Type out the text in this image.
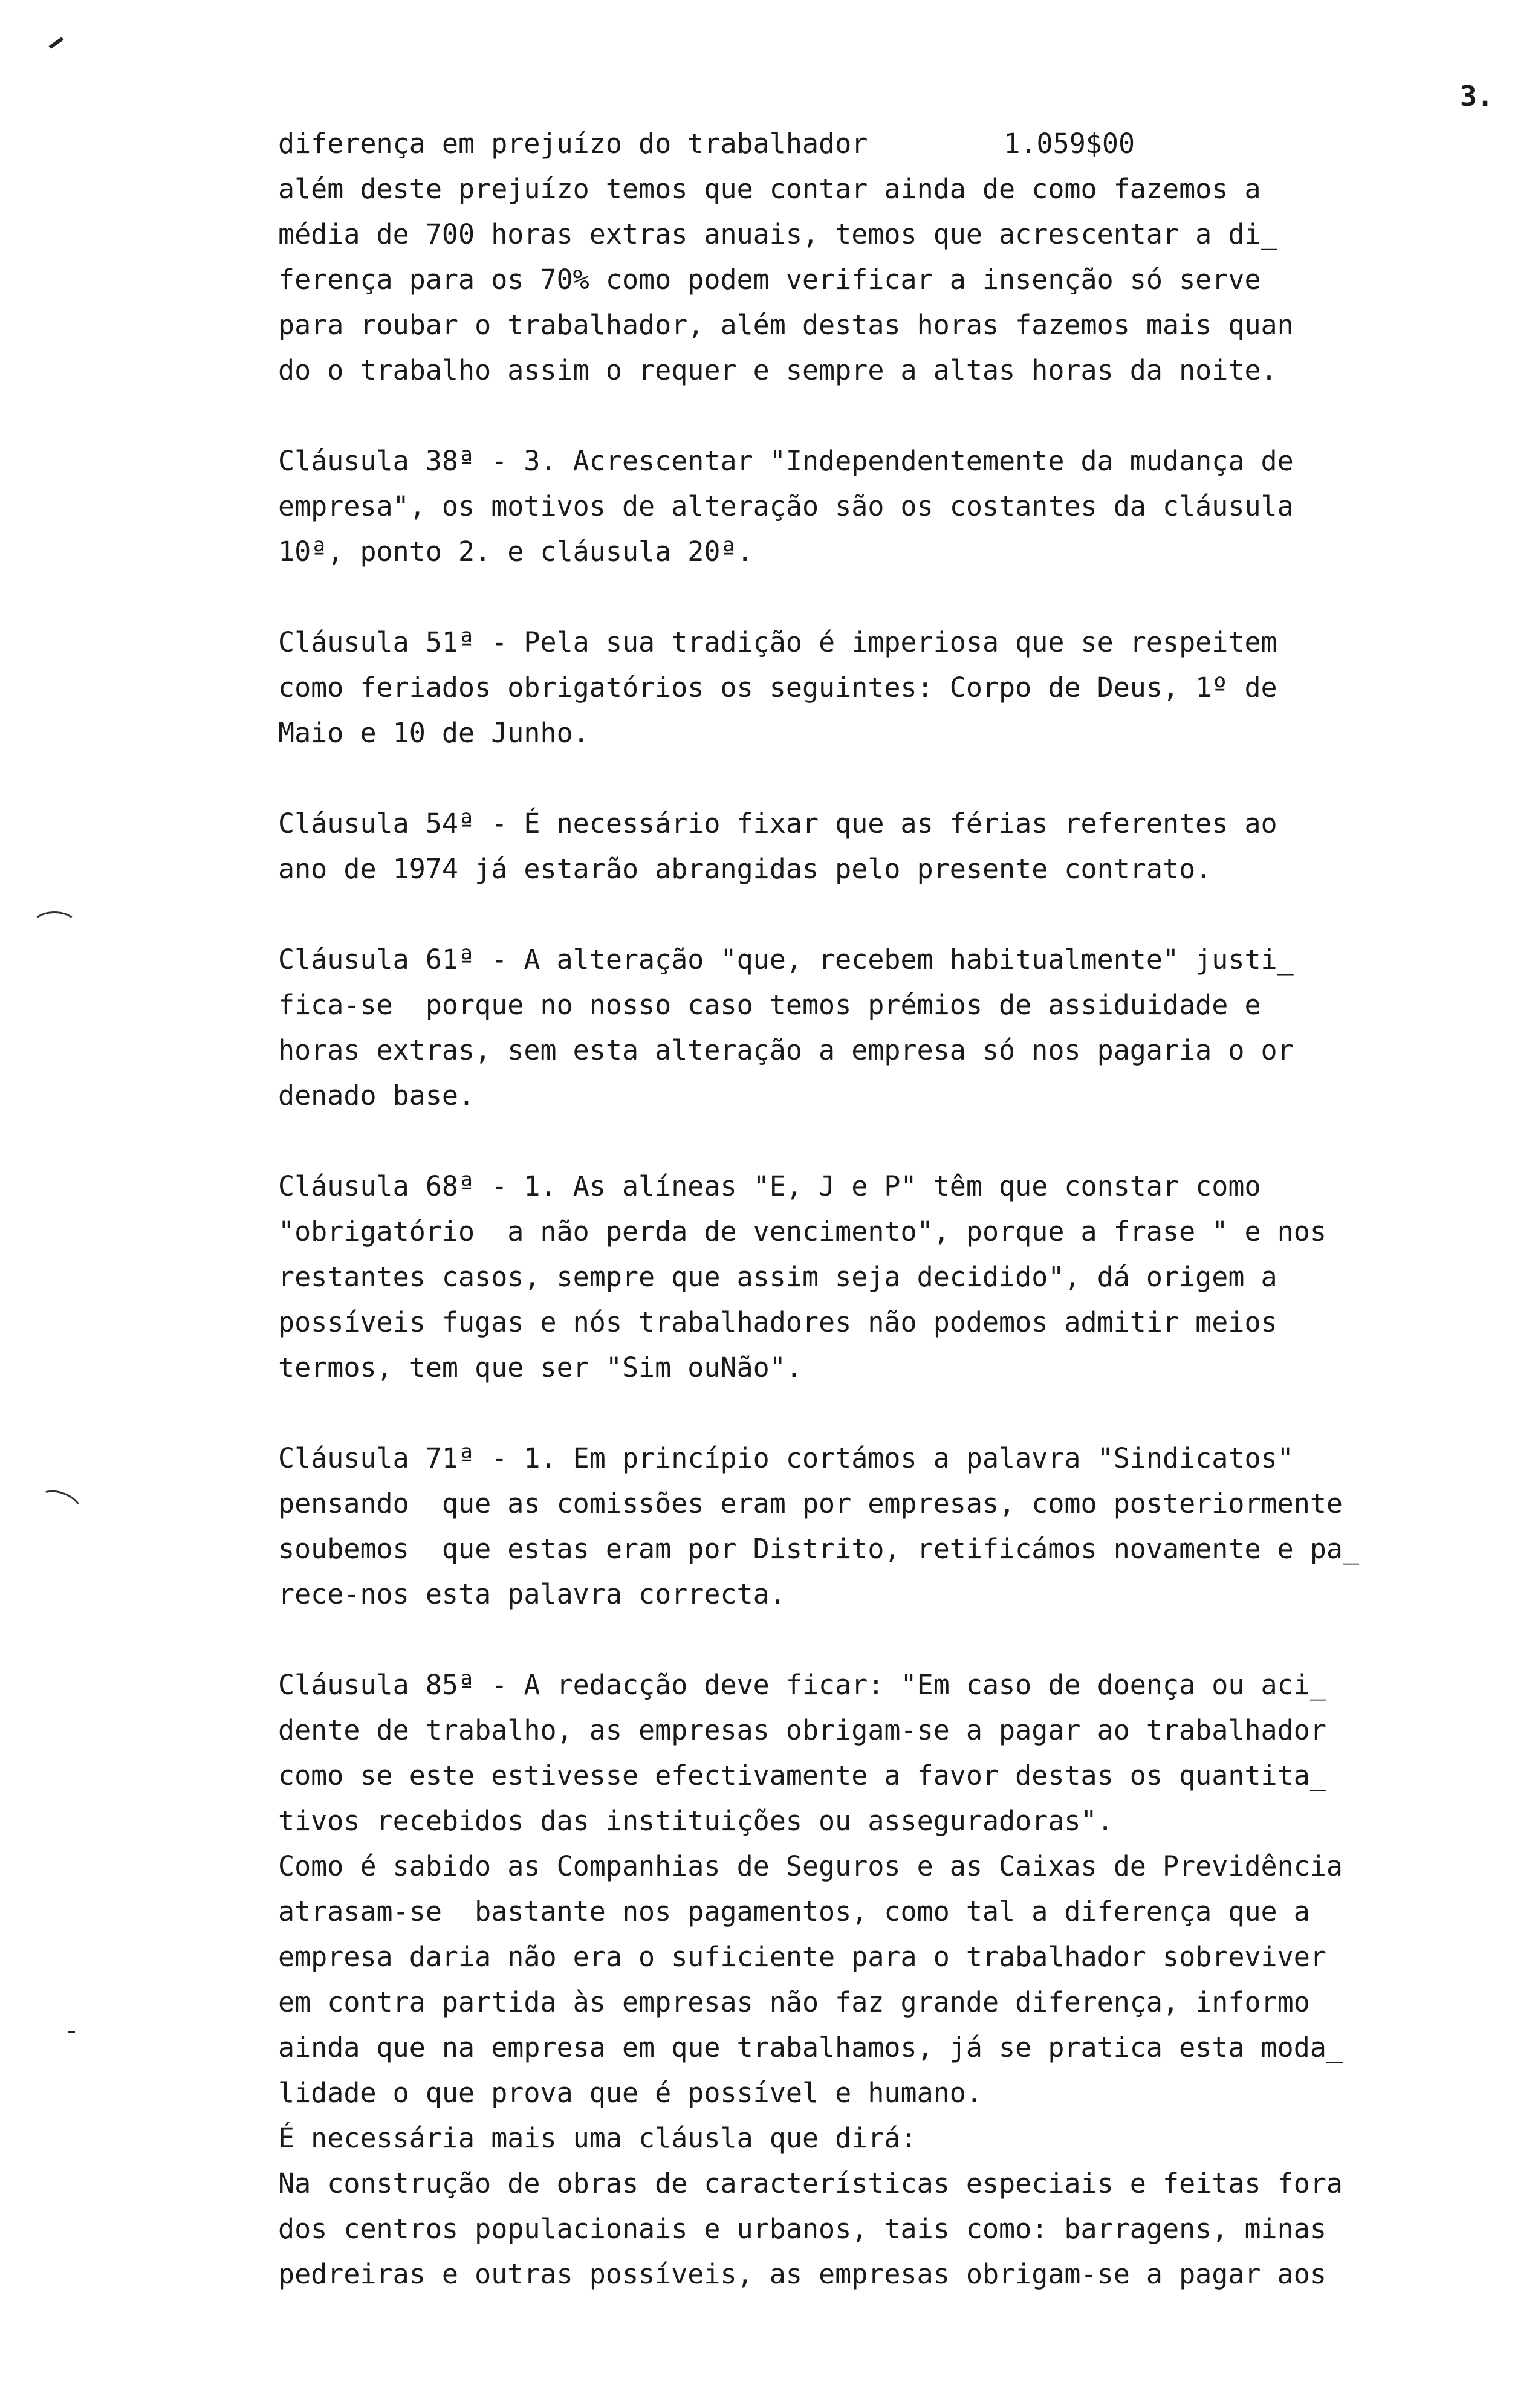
3.
diferença em prejuízo do trabalhador	1.059$00
além deste prejuízo temos que contar ainda de como fazemos a
média de 700 horas extras anuais, temos que acrescentar a di_
ferença para os 70% como podem verificar a insenção só serve
para roubar o trabalhador, além destas horas fazemos mais quan
do o trabalho assim o requer e sempre a altas horas da noite.
Cláusula 38ª - 3. Acrescentar "Independentemente da mudança de
empresa", os motivos de alteração são os costantes da cláusula
10ª, ponto 2. e cláusula 20ª.
Cláusula 51ª - Pela sua tradição é imperiosa que se respeitem
como feriados obrigatórios os seguintes: Corpo de Deus, 1º de
Maio e 10 de Junho.
Cláusula 54ª - É necessário fixar que as férias referentes ao
ano de 1974 já estarão abrangidas pelo presente contrato.
Cláusula 61ª - A alteração "que, recebem habitualmente" justi_
fica-se  porque no nosso caso temos prémios de assiduidade e
horas extras, sem esta alteração a empresa só nos pagaria o or
denado base.
Cláusula 68ª - 1. As alíneas "E, J e P" têm que constar como
"obrigatório  a não perda de vencimento", porque a frase " e nos
restantes casos, sempre que assim seja decidido", dá origem a
possíveis fugas e nós trabalhadores não podemos admitir meios
termos, tem que ser "Sim ouNão".
Cláusula 71ª - 1. Em princípio cortámos a palavra "Sindicatos"
pensando  que as comissões eram por empresas, como posteriormente
soubemos  que estas eram por Distrito, retificámos novamente e pa_
rece-nos esta palavra correcta.
Cláusula 85ª - A redacção deve ficar: "Em caso de doença ou aci_
dente de trabalho, as empresas obrigam-se a pagar ao trabalhador
como se este estivesse efectivamente a favor destas os quantita_
tivos recebidos das instituições ou asseguradoras".
Como é sabido as Companhias de Seguros e as Caixas de Previdência
atrasam-se  bastante nos pagamentos, como tal a diferença que a
empresa daria não era o suficiente para o trabalhador sobreviver
em contra partida às empresas não faz grande diferença, informo
ainda que na empresa em que trabalhamos, já se pratica esta moda_
lidade o que prova que é possível e humano.
É necessária mais uma cláusla que dirá:
Na construção de obras de características especiais e feitas fora
dos centros populacionais e urbanos, tais como: barragens, minas
pedreiras e outras possíveis, as empresas obrigam-se a pagar aos
